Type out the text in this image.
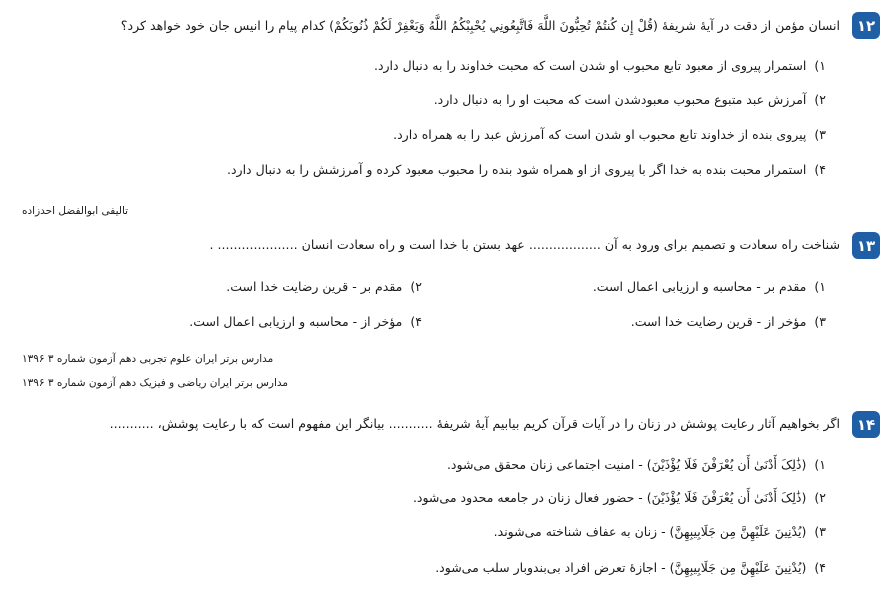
۱۲
انسان مؤمن از دقت در آیهٔ شریفهٔ (قُلْ إِن کُنتُمْ تُحِبُّونَ اللَّهَ فَاتَّبِعُونِي يُحْبِبْکُمُ اللَّهُ وَيَغْفِرْ لَکُمْ ذُنُوبَکُمْ) کدام پیام را انیس جان خود خواهد کرد؟
۱)استمرار پیروی از معبود تابع محبوب او شدن است که محبت خداوند را به دنبال دارد.
۲)آمرزش عبد متبوع محبوب معبودشدن است که محبت او را به دنبال دارد.
۳)پیروی بنده از خداوند تابع محبوب او شدن است که آمرزش عبد را به همراه دارد.
۴)استمرار محبت بنده به خدا اگر با پیروی از او همراه شود بنده را محبوب معبود کرده و آمرزشش را به دنبال دارد.
تالیفی ابوالفضل احدزاده
۱۳
شناخت راه سعادت و تصمیم برای ورود به آن .................. عهد بستن با خدا است و راه سعادت انسان .................... .
۱)مقدم بر - محاسبه و ارزیابی اعمال است.
۲)مقدم بر - قرین رضایت خدا است.
۳)مؤخر از - قرین رضایت خدا است.
۴)مؤخر از - محاسبه و ارزیابی اعمال است.
مدارس برتر ایران علوم تجربی دهم آزمون شماره ۳ ۱۳۹۶
مدارس برتر ایران ریاضی و فیزیک دهم آزمون شماره ۳ ۱۳۹۶
۱۴
اگر بخواهیم آثار رعایت پوشش در زنان را در آیات قرآن کریم بیابیم آیهٔ شریفهٔ ........... بیانگر این مفهوم است که با رعایت پوشش، ...........
۱)(ذَٰلِکَ أَدْنَىٰ أَن يُعْرَفْنَ فَلَا يُؤْذَيْنَ) - امنیت اجتماعی زنان محقق می‌شود.
۲)(ذَٰلِکَ أَدْنَىٰ أَن يُعْرَفْنَ فَلَا يُؤْذَيْنَ) - حضور فعال زنان در جامعه محدود می‌شود.
۳)(يُدْنِينَ عَلَيْهِنَّ مِن جَلَابِيبِهِنَّ) - زنان به عفاف شناخته می‌شوند.
۴)(يُدْنِينَ عَلَيْهِنَّ مِن جَلَابِيبِهِنَّ) - اجازهٔ تعرض افراد بی‌بندوبار سلب می‌شود.
